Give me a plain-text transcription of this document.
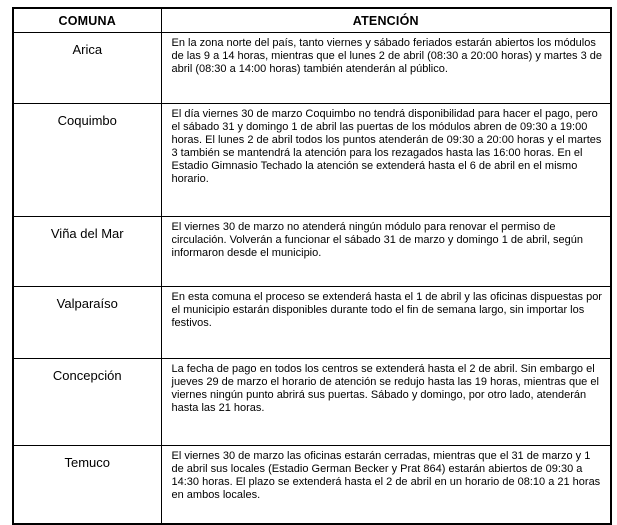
COMUNA	ATENCIÓN
Arica	En la zona norte del país, tanto viernes y sábado feriados estarán abiertos los módulos de las 9 a 14 horas, mientras que el lunes 2 de abril (08:30 a 20:00 horas) y martes 3 de abril (08:30 a 14:00 horas) también atenderán al público.
Coquimbo	El día viernes 30 de marzo Coquimbo no tendrá disponibilidad para hacer el pago, pero el sábado 31 y domingo 1 de abril las puertas de los módulos abren de 09:30 a 19:00 horas. El lunes 2 de abril todos los puntos atenderán de 09:30 a 20:00 horas y el martes 3 también se mantendrá la atención para los rezagados hasta las 16:00 horas. En el Estadio Gimnasio Techado la atención se extenderá hasta el 6 de abril en el mismo horario.
Viña del Mar	El viernes 30 de marzo no atenderá ningún módulo para renovar el permiso de circulación. Volverán a funcionar el sábado 31 de marzo y domingo 1 de abril, según informaron desde el municipio.
Valparaíso	En esta comuna el proceso se extenderá hasta el 1 de abril y las oficinas dispuestas por el municipio estarán disponibles durante todo el fin de semana largo, sin importar los festivos.
Concepción	La fecha de pago en todos los centros se extenderá hasta el 2 de abril. Sin embargo el jueves 29 de marzo el horario de atención se redujo hasta las 19 horas, mientras que el viernes ningún punto abrirá sus puertas. Sábado y domingo, por otro lado, atenderán hasta las 21 horas.
Temuco	El viernes 30 de marzo las oficinas estarán cerradas, mientras que el 31 de marzo y 1 de abril sus locales (Estadio German Becker y Prat 864) estarán abiertos de 09:30 a 14:30 horas. El plazo se extenderá hasta el 2 de abril en un horario de 08:10 a 21 horas en ambos locales.
